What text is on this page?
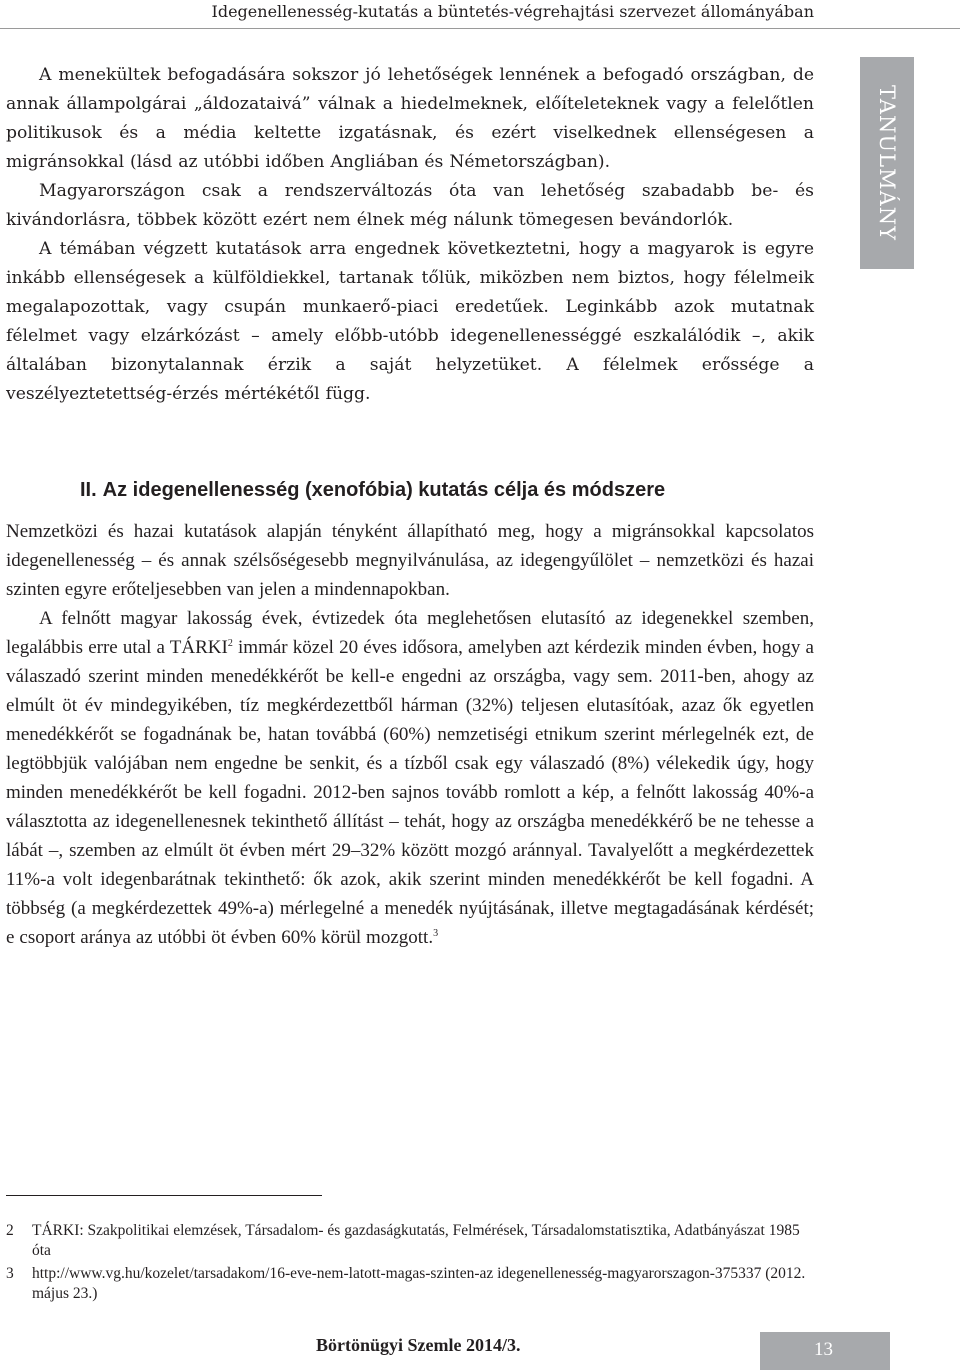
Idegenellenesség-kutatás a büntetés-végrehajtási szervezet állományában
TANULMÁNY

A menekültek befogadására sokszor jó lehetőségek lennének a befogadó országban, de annak állampolgárai „áldozataivá” válnak a hiedelmeknek, előíteleteknek vagy a felelőtlen politikusok és a média keltette izgatásnak, és ezért viselkednek ellenségesen a migránsokkal (lásd az utóbbi időben Angliában és Németországban).

Magyarországon csak a rendszerváltozás óta van lehetőség szabadabb be- és kivándorlásra, többek között ezért nem élnek még nálunk tömegesen bevándorlók.

A témában végzett kutatások arra engednek következtetni, hogy a magyarok is egyre inkább ellenségesek a külföldiekkel, tartanak tőlük, miközben nem biztos, hogy félelmeik megalapozottak, vagy csupán munkaerő-piaci eredetűek. Leginkább azok mutatnak félelmet vagy elzárkózást – amely előbb-utóbb idegenellenességgé eszkalálódik –, akik általában bizonytalannak érzik a saját helyzetüket. A félelmek erőssége a veszélyeztetettség-érzés mértékétől függ.

II. Az idegenellenesség (xenofóbia) kutatás célja és módszere

Nemzetközi és hazai kutatások alapján tényként állapítható meg, hogy a migránsokkal kapcsolatos idegenellenesség – és annak szélsőségesebb megnyilvánulása, az idegengyűlölet – nemzetközi és hazai szinten egyre erőteljesebben van jelen a mindennapokban.

A felnőtt magyar lakosság évek, évtizedek óta meglehetősen elutasító az idegenekkel szemben, legalábbis erre utal a TÁRKI$^2$ immár közel 20 éves idősora, amelyben azt kérdezik minden évben, hogy a válaszadó szerint minden menedékkérőt be kell-e engedni az országba, vagy sem. 2011-ben, ahogy az elmúlt öt év mindegyikében, tíz megkérdezettből hárman (32%) teljesen elutasítóak, azaz ők egyetlen menedékkérőt se fogadnának be, hatan továbbá (60%) nemzetiségi etnikum szerint mérlegelnék ezt, de legtöbbjük valójában nem engedne be senkit, és a tízből csak egy válaszadó (8%) vélekedik úgy, hogy minden menedékkérőt be kell fogadni. 2012-ben sajnos tovább romlott a kép, a felnőtt lakosság 40%-a választotta az idegenellenesnek tekinthető állítást – tehát, hogy az országba menedékkérő be ne tehesse a lábát –, szemben az elmúlt öt évben mért 29–32% között mozgó aránnyal. Tavalyelőtt a megkérdezettek 11%-a volt idegenbarátnak tekinthető: ők azok, akik szerint minden menedékkérőt be kell fogadni. A többség (a megkérdezettek 49%-a) mérlegelné a menedék nyújtásának, illetve megtagadásának kérdését; e csoport aránya az utóbbi öt évben 60% körül mozgott.$^3$

2 TÁRKI: Szakpolitikai elemzések, Társadalom- és gazdaságkutatás, Felmérések, Társadalomstatisztika, Adatbányászat 1985 óta

3 http://www.vg.hu/kozelet/tarsadakom/16-eve-nem-latott-magas-szinten-az idegenellenesség-magyarorszagon-375337 (2012. május 23.)

Börtönügyi Szemle 2014/3.	13
